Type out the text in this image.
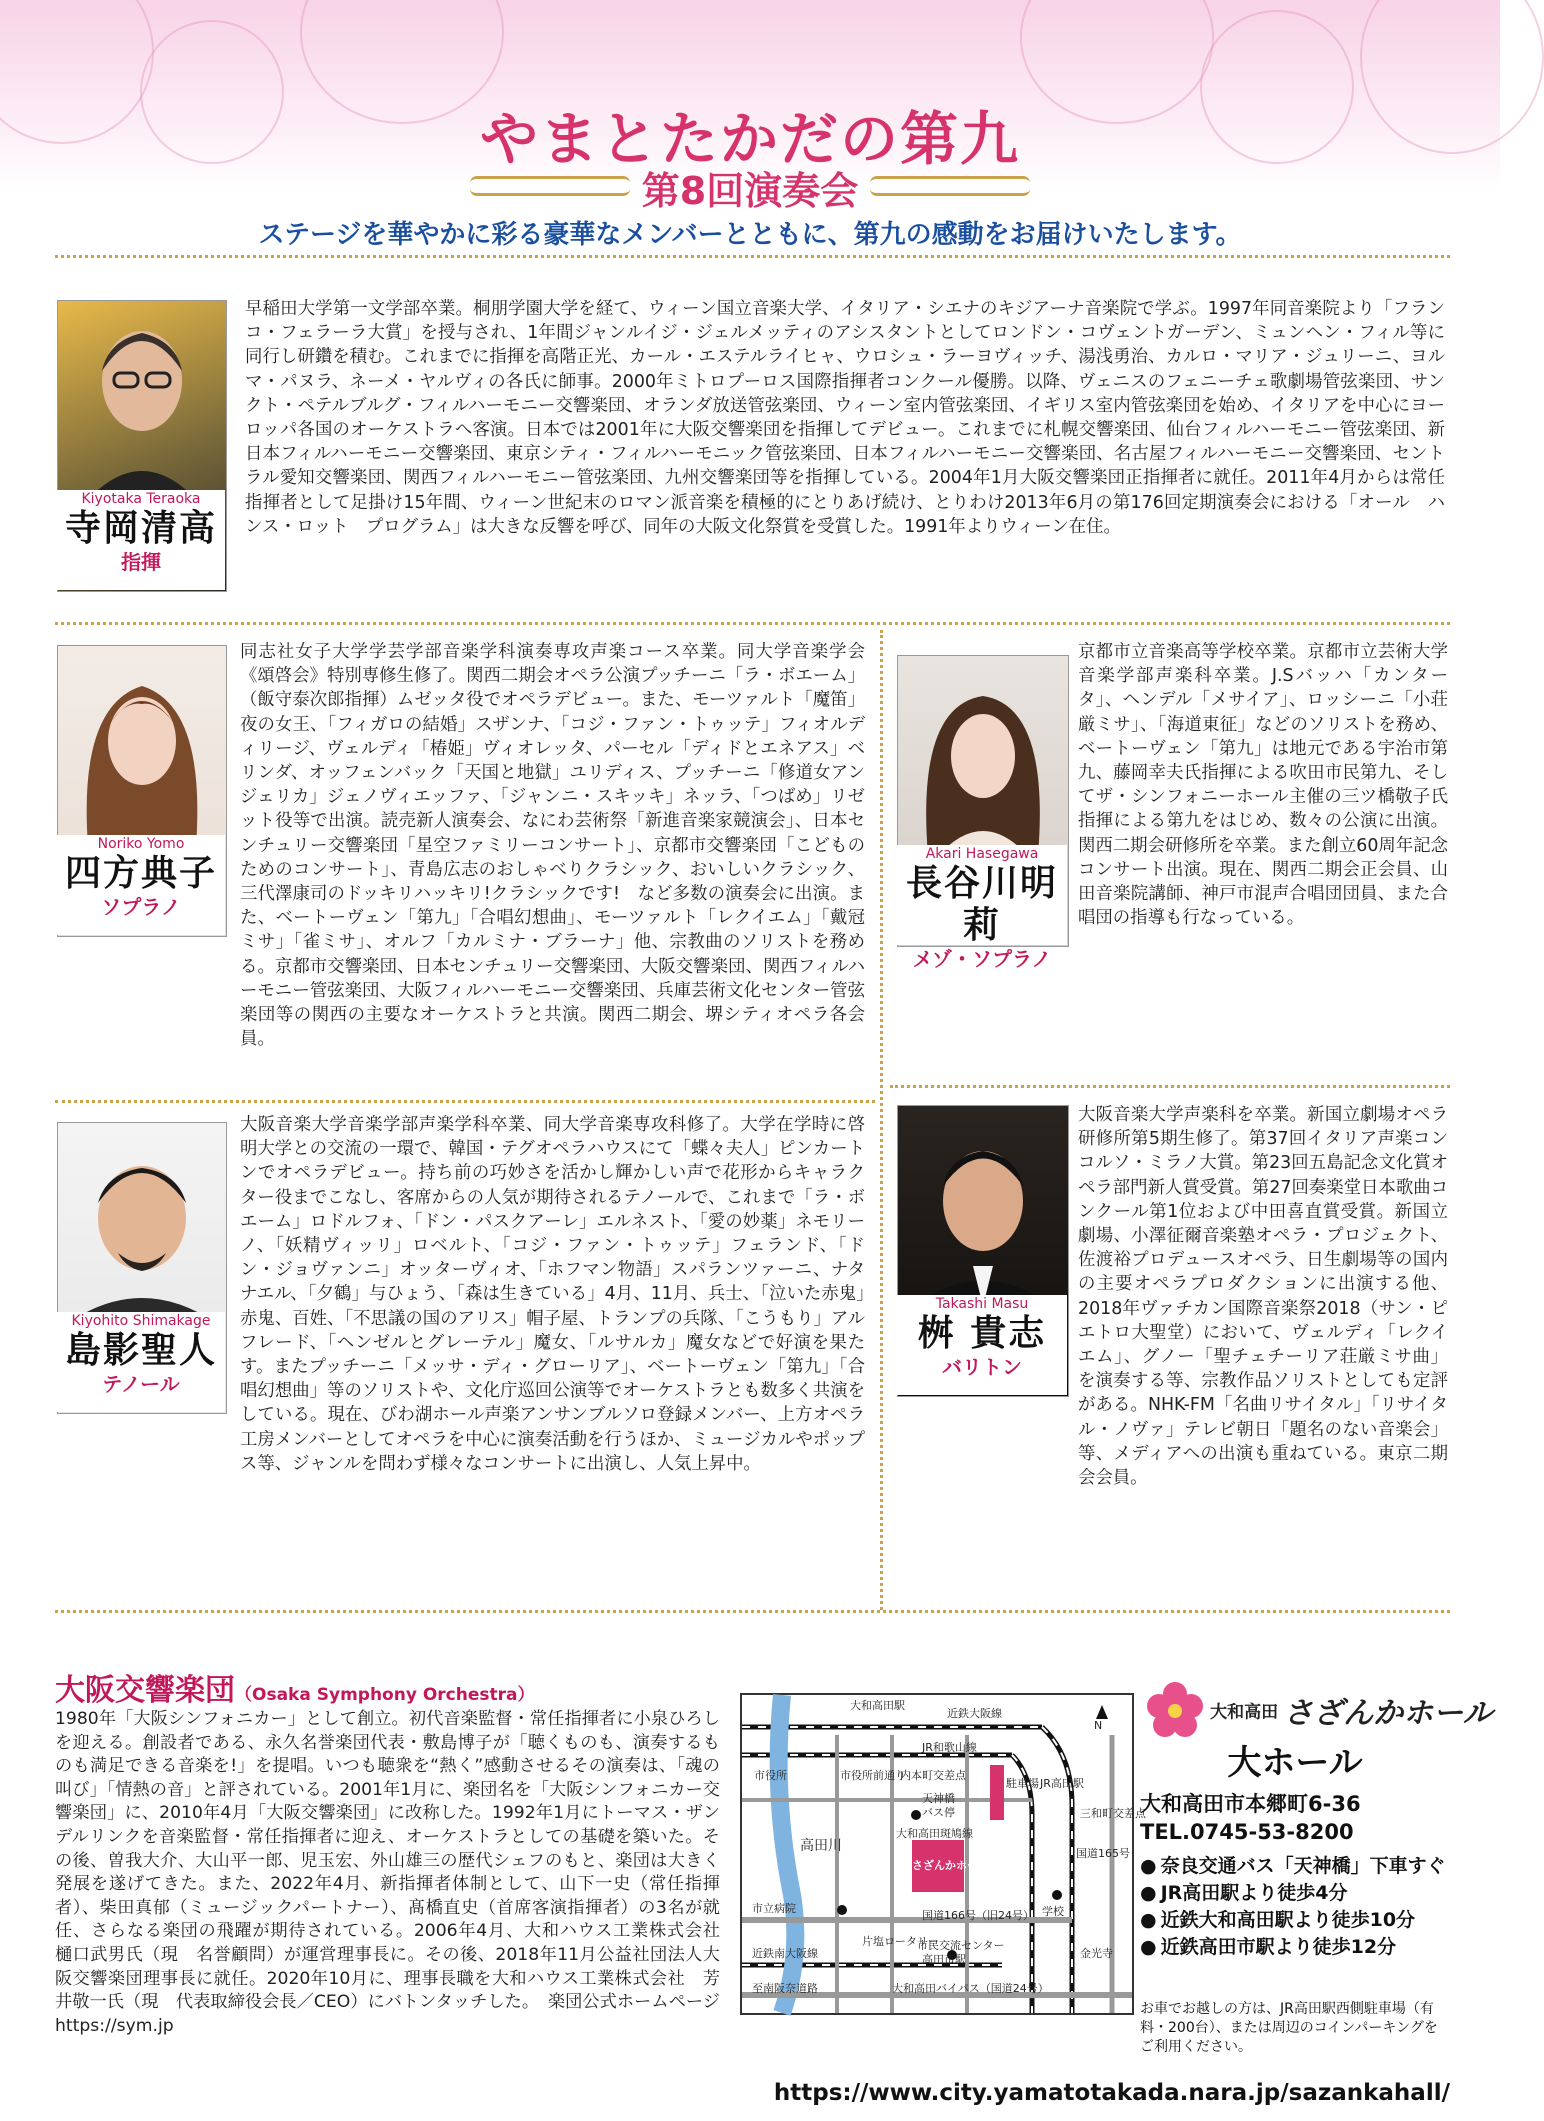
やまとたかだの第九
第8回演奏会
ステージを華やかに彩る豪華なメンバーとともに、第九の感動をお届けいたします。
Kiyotaka Teraoka
寺岡清高
指揮
早稲田大学第一文学部卒業。桐朋学園大学を経て、ウィーン国立音楽大学、イタリア・シエナのキジアーナ音楽院で学ぶ。1997年同音楽院より「フランコ・フェラーラ大賞」を授与され、1年間ジャンルイジ・ジェルメッティのアシスタントとしてロンドン・コヴェントガーデン、ミュンヘン・フィル等に同行し研鑽を積む。これまでに指揮を高階正光、カール・エステルライヒャ、ウロシュ・ラーヨヴィッチ、湯浅勇治、カルロ・マリア・ジュリーニ、ヨルマ・パヌラ、ネーメ・ヤルヴィの各氏に師事。2000年ミトロプーロス国際指揮者コンクール優勝。以降、ヴェニスのフェニーチェ歌劇場管弦楽団、サンクト・ペテルブルグ・フィルハーモニー交響楽団、オランダ放送管弦楽団、ウィーン室内管弦楽団、イギリス室内管弦楽団を始め、イタリアを中心にヨーロッパ各国のオーケストラへ客演。日本では2001年に大阪交響楽団を指揮してデビュー。これまでに札幌交響楽団、仙台フィルハーモニー管弦楽団、新日本フィルハーモニー交響楽団、東京シティ・フィルハーモニック管弦楽団、日本フィルハーモニー交響楽団、名古屋フィルハーモニー交響楽団、セントラル愛知交響楽団、関西フィルハーモニー管弦楽団、九州交響楽団等を指揮している。2004年1月大阪交響楽団正指揮者に就任。2011年4月からは常任指揮者として足掛け15年間、ウィーン世紀末のロマン派音楽を積極的にとりあげ続け、とりわけ2013年6月の第176回定期演奏会における「オール　ハンス・ロット　プログラム」は大きな反響を呼び、同年の大阪文化祭賞を受賞した。1991年よりウィーン在住。
Noriko Yomo
四方典子
ソプラノ
同志社女子大学学芸学部音楽学科演奏専攻声楽コース卒業。同大学音楽学会《頌啓会》特別専修生修了。関西二期会オペラ公演プッチーニ「ラ・ボエーム」（飯守泰次郎指揮）ムゼッタ役でオペラデビュー。また、モーツァルト「魔笛」夜の女王、「フィガロの結婚」スザンナ、「コジ・ファン・トゥッテ」フィオルディリージ、ヴェルディ「椿姫」ヴィオレッタ、パーセル「ディドとエネアス」ベリンダ、オッフェンバック「天国と地獄」ユリディス、プッチーニ「修道女アンジェリカ」ジェノヴィエッファ、「ジャンニ・スキッキ」ネッラ、「つばめ」リゼット役等で出演。読売新人演奏会、なにわ芸術祭「新進音楽家競演会」、日本センチュリー交響楽団「星空ファミリーコンサート」、京都市交響楽団「こどものためのコンサート」、青島広志のおしゃべりクラシック、おいしいクラシック、三代澤康司のドッキリハッキリ!クラシックです!　など多数の演奏会に出演。また、ベートーヴェン「第九」「合唱幻想曲」、モーツァルト「レクイエム」「戴冠ミサ」「雀ミサ」、オルフ「カルミナ・ブラーナ」他、宗教曲のソリストを務める。京都市交響楽団、日本センチュリー交響楽団、大阪交響楽団、関西フィルハーモニー管弦楽団、大阪フィルハーモニー交響楽団、兵庫芸術文化センター管弦楽団等の関西の主要なオーケストラと共演。関西二期会、堺シティオペラ各会員。
Akari Hasegawa
長谷川明莉
メゾ・ソプラノ
京都市立音楽高等学校卒業。京都市立芸術大学音楽学部声楽科卒業。J.Sバッハ「カンタータ」、ヘンデル「メサイア」、ロッシーニ「小荘厳ミサ」、「海道東征」などのソリストを務め、ベートーヴェン「第九」は地元である宇治市第九、藤岡幸夫氏指揮による吹田市民第九、そしてザ・シンフォニーホール主催の三ツ橋敬子氏指揮による第九をはじめ、数々の公演に出演。関西二期会研修所を卒業。また創立60周年記念コンサート出演。現在、関西二期会正会員、山田音楽院講師、神戸市混声合唱団団員、また合唱団の指導も行なっている。
Kiyohito Shimakage
島影聖人
テノール
大阪音楽大学音楽学部声楽学科卒業、同大学音楽専攻科修了。大学在学時に啓明大学との交流の一環で、韓国・テグオペラハウスにて「蝶々夫人」ピンカートンでオペラデビュー。持ち前の巧妙さを活かし輝かしい声で花形からキャラクター役までこなし、客席からの人気が期待されるテノールで、これまで「ラ・ボエーム」ロドルフォ、「ドン・パスクアーレ」エルネスト、「愛の妙薬」ネモリーノ、「妖精ヴィッリ」ロベルト、「コジ・ファン・トゥッテ」フェランド、「ドン・ジョヴァンニ」オッターヴィオ、「ホフマン物語」スパランツァーニ、ナタナエル、「夕鶴」与ひょう、「森は生きている」4月、11月、兵士、「泣いた赤鬼」赤鬼、百姓、「不思議の国のアリス」帽子屋、トランプの兵隊、「こうもり」アルフレード、「ヘンゼルとグレーテル」魔女、「ルサルカ」魔女などで好演を果たす。またプッチーニ「メッサ・ディ・グローリア」、ベートーヴェン「第九」「合唱幻想曲」等のソリストや、文化庁巡回公演等でオーケストラとも数多く共演をしている。現在、びわ湖ホール声楽アンサンブルソロ登録メンバー、上方オペラ工房メンバーとしてオペラを中心に演奏活動を行うほか、ミュージカルやポップス等、ジャンルを問わず様々なコンサートに出演し、人気上昇中。
Takashi Masu
桝 貴志
バリトン
大阪音楽大学声楽科を卒業。新国立劇場オペラ研修所第5期生修了。第37回イタリア声楽コンコルソ・ミラノ大賞。第23回五島記念文化賞オペラ部門新人賞受賞。第27回奏楽堂日本歌曲コンクール第1位および中田喜直賞受賞。新国立劇場、小澤征爾音楽塾オペラ・プロジェクト、佐渡裕プロデュースオペラ、日生劇場等の国内の主要オペラプロダクションに出演する他、2018年ヴァチカン国際音楽祭2018（サン・ピエトロ大聖堂）において、ヴェルディ「レクイエム」、グノー「聖チェチーリア荘厳ミサ曲」を演奏する等、宗教作品ソリストとしても定評がある。NHK-FM「名曲リサイタル」「リサイタル・ノヴァ」テレビ朝日「題名のない音楽会」等、メディアへの出演も重ねている。東京二期会会員。
大阪交響楽団（Osaka Symphony Orchestra）
1980年「大阪シンフォニカー」として創立。初代音楽監督・常任指揮者に小泉ひろしを迎える。創設者である、永久名誉楽団代表・敷島博子が「聴くものも、演奏するものも満足できる音楽を!」を提唱。いつも聴衆を“熱く”感動させるその演奏は、「魂の叫び」「情熱の音」と評されている。2001年1月に、楽団名を「大阪シンフォニカー交響楽団」に、2010年4月「大阪交響楽団」に改称した。1992年1月にトーマス・ザンデルリンクを音楽監督・常任指揮者に迎え、オーケストラとしての基礎を築いた。その後、曽我大介、大山平一郎、児玉宏、外山雄三の歴代シェフのもと、楽団は大きく発展を遂げてきた。また、2022年4月、新指揮者体制として、山下一史（常任指揮者）、柴田真郁（ミュージックパートナー）、髙橋直史（首席客演指揮者）の3名が就任、さらなる楽団の飛躍が期待されている。2006年4月、大和ハウス工業株式会社　樋口武男氏（現　名誉顧問）が運営理事長に。その後、2018年11月公益社団法人大阪交響楽団理事長に就任。2020年10月に、理事長職を大和ハウス工業株式会社　芳井敬一氏（現　代表取締役会長／CEO）にバトンタッチした。　楽団公式ホームページ https://sym.jp
大和高田駅
近鉄大阪線
JR和歌山線
市役所	市役所前通り
内本町交差点
天神橋
バス停
駐車場 JR高田駅
高田川
大和高田斑鳩線
さざんかホール
国道165号
三和町交差点
学校
市立病院
片塩ロータリー
国道166号（旧24号）
市民交流センター
高田市駅
近鉄南大阪線	金光寺
大和高田バイパス（国道24号）
至南阪奈道路
N
大和高田 さざんかホール
大ホール
大和高田市本郷町6-36
TEL.0745-53-8200
● 奈良交通バス「天神橋」下車すぐ
● JR高田駅より徒歩4分
● 近鉄大和高田駅より徒歩10分
● 近鉄高田市駅より徒歩12分
お車でお越しの方は、JR高田駅西側駐車場（有料・200台）、または周辺のコインパーキングをご利用ください。
https://www.city.yamatotakada.nara.jp/sazankahall/
